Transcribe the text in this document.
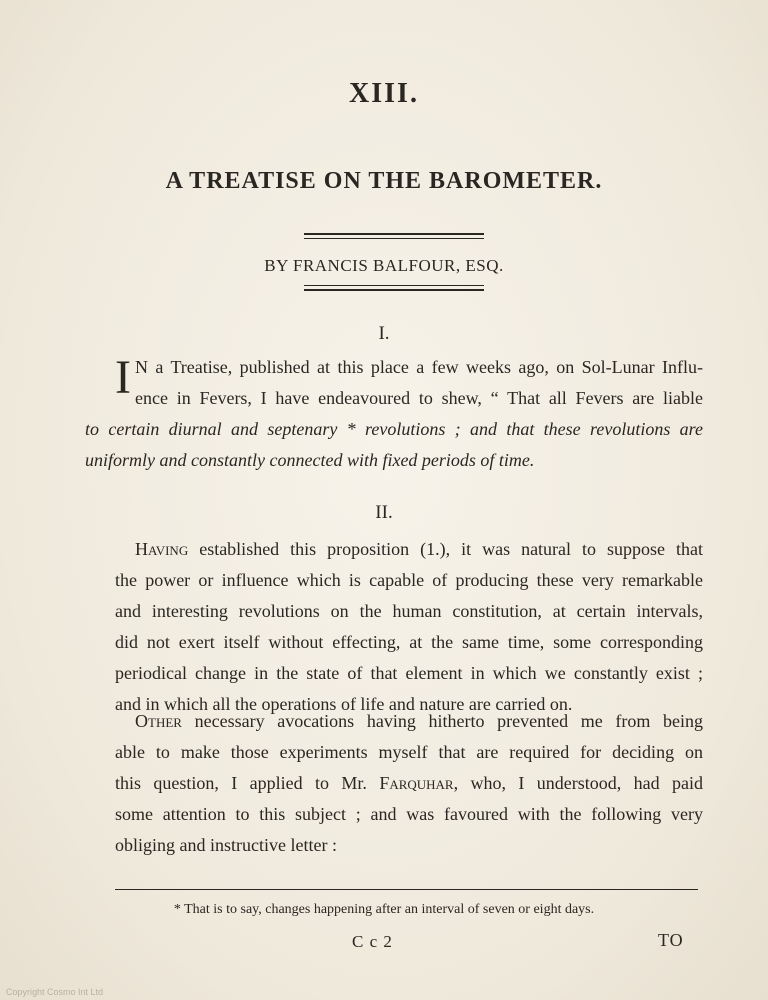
XIII.
A TREATISE ON THE BAROMETER.
BY FRANCIS BALFOUR, ESQ.
I.
I N a Treatise, published at this place a few weeks ago, on Sol-Lunar Influ-
ence in Fevers, I have endeavoured to shew, “ That all Fevers are liable
to certain diurnal and septenary * revolutions ; and that these revolutions are
uniformly and constantly connected with fixed periods of time.
II.
Having established this proposition (1.), it was natural to suppose that
the power or influence which is capable of producing these very remarkable
and interesting revolutions on the human constitution, at certain intervals,
did not exert itself without effecting, at the same time, some corresponding
periodical change in the state of that element in which we constantly exist ;
and in which all the operations of life and nature are carried on.
Other necessary avocations having hitherto prevented me from being
able to make those experiments myself that are required for deciding on
this question, I applied to Mr. Farquhar, who, I understood, had paid
some attention to this subject ; and was favoured with the following very
obliging and instructive letter :
* That is to say, changes happening after an interval of seven or eight days.
C c 2	TO
Copyright Cosmo Int Ltd
